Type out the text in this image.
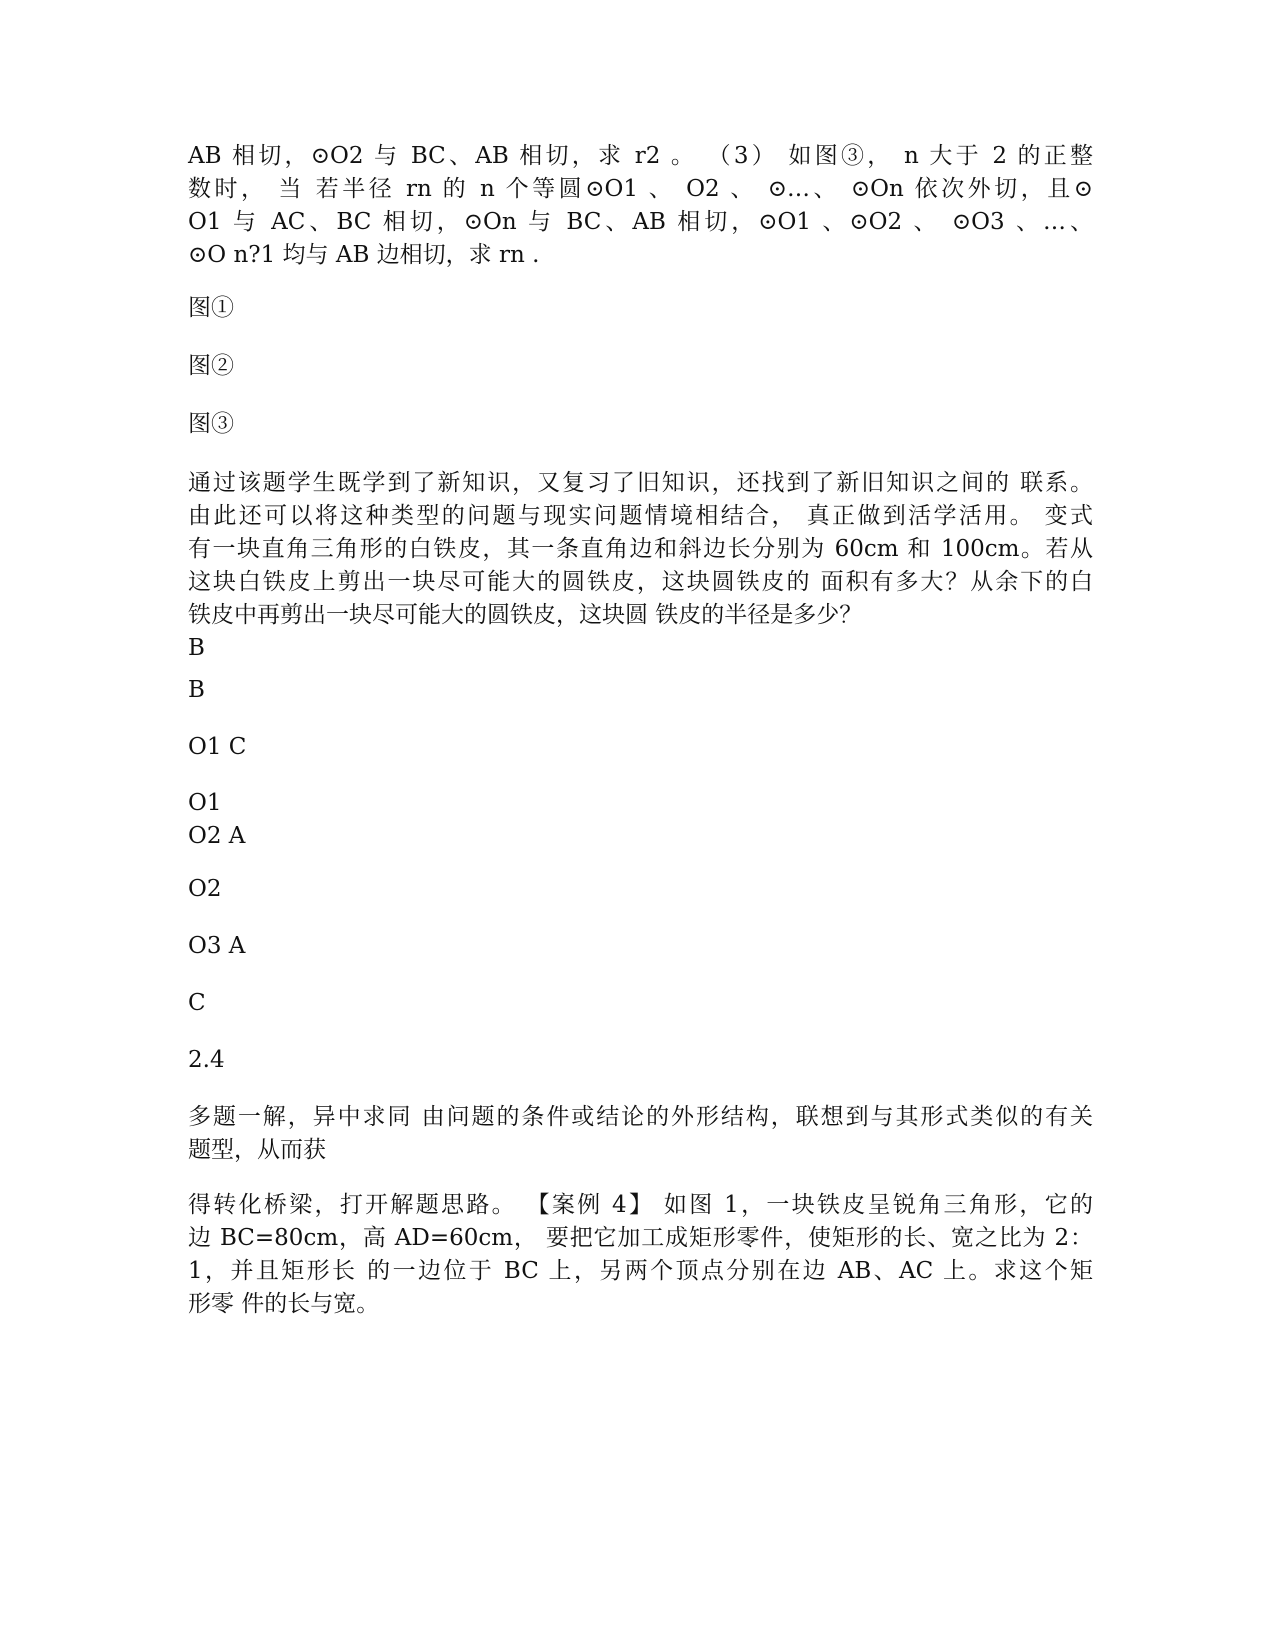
AB 相切，⊙O2 与 BC、AB 相切，求 r2 。 （3） 如图③， n 大于 2 的正整
数时， 当 若半径 rn 的 n 个等圆⊙O1 、 O2 、 ⊙…、 ⊙On 依次外切，且⊙
O1 与 AC、BC 相切，⊙On 与 BC、AB 相切，⊙O1 、⊙O2 、 ⊙O3 、…、
⊙O n?1 均与 AB 边相切，求 rn .

图①

图②

图③

通过该题学生既学到了新知识，又复习了旧知识，还找到了新旧知识之间的 联系。
由此还可以将这种类型的问题与现实问题情境相结合， 真正做到活学活用。 变式
有一块直角三角形的白铁皮，其一条直角边和斜边长分别为 60cm 和 100cm。若从
这块白铁皮上剪出一块尽可能大的圆铁皮，这块圆铁皮的 面积有多大？从余下的白
铁皮中再剪出一块尽可能大的圆铁皮，这块圆 铁皮的半径是多少？
B

B

O1 C

O1
O2 A

O2

O3 A

C

2.4

多题一解，异中求同 由问题的条件或结论的外形结构，联想到与其形式类似的有关
题型，从而获

得转化桥梁，打开解题思路。 【案例 4】 如图 1，一块铁皮呈锐角三角形，它的
边 BC=80cm，高 AD=60cm， 要把它加工成矩形零件，使矩形的长、宽之比为 2：
1，并且矩形长 的一边位于 BC 上，另两个顶点分别在边 AB、AC 上。求这个矩
形零 件的长与宽。
